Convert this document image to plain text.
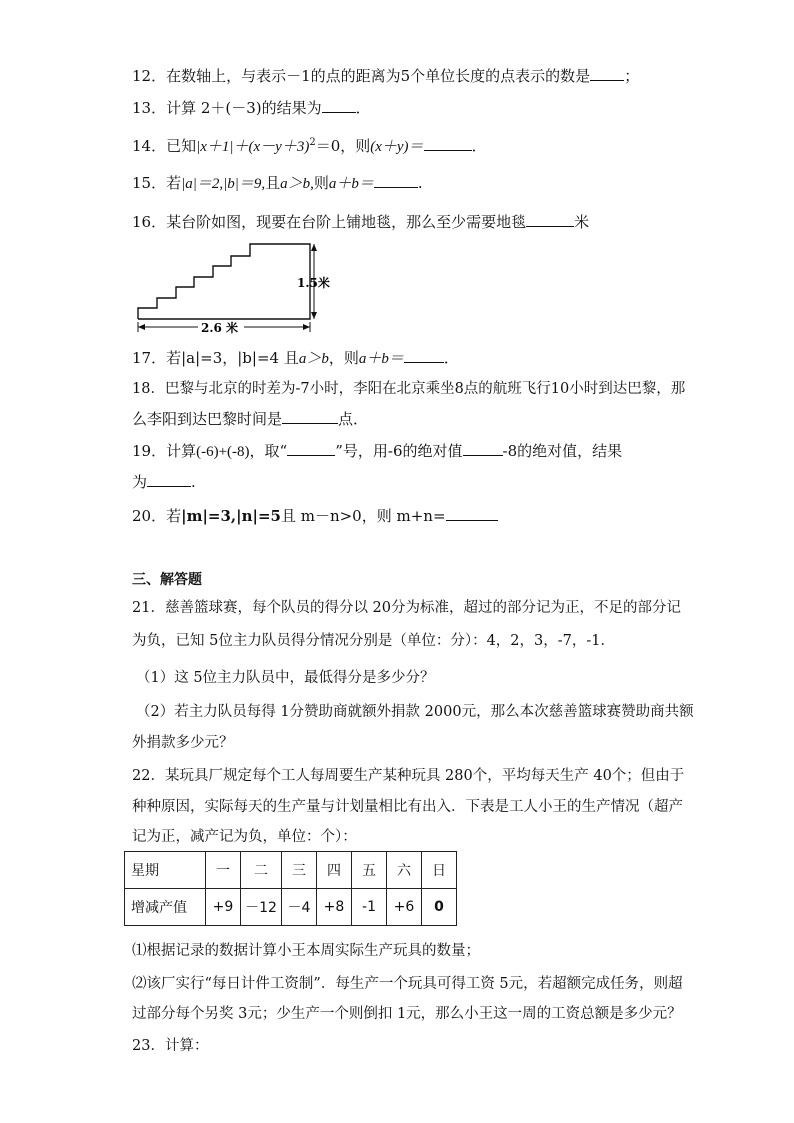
12．在数轴上，与表示－1的点的距离为5个单位长度的点表示的数是 ；
13．计算 2＋(－3)的结果为 ．
14．已知$|x+1|+(x-y+3)^2=0$，则(x＋y)＝	．
15．若|a|＝2,|b|＝9,且a＞b,则a＋b＝	.
16．某台阶如图，现要在台阶上铺地毯，那么至少需要地毯	米
1.5米
2.6 米
17．若|a|=3，|b|=4 且a＞b，则a＋b＝	．
18．巴黎与北京的时差为-7小时，李阳在北京乘坐8点的航班飞行10小时到达巴黎，那
么李阳到达巴黎时间是	点．
19．计算(-6)+(-8)，取“	”号，用-6的绝对值	-8的绝对值，结果
为	.
20．若|m|=3,|n|=5且 m－n>0，则 m+n=
三、解答题
21．慈善篮球赛，每个队员的得分以 20分为标准，超过的部分记为正，不足的部分记
为负，已知 5位主力队员得分情况分别是（单位：分）：4，2，3，-7，-1．
（1）这 5位主力队员中，最低得分是多少分？
（2）若主力队员每得 1分赞助商就额外捐款 2000元，那么本次慈善篮球赛赞助商共额
外捐款多少元？
22．某玩具厂规定每个工人每周要生产某种玩具 280个，平均每天生产 40个；但由于
种种原因，实际每天的生产量与计划量相比有出入．下表是工人小王的生产情况（超产
记为正，减产记为负，单位：个）：
星期	一	二	三	四	五	六	日
增减产值	+9	－12	－4	+8	-1	+6	0
⑴根据记录的数据计算小王本周实际生产玩具的数量；
⑵该厂实行“每日计件工资制”．每生产一个玩具可得工资 5元，若超额完成任务，则超
过部分每个另奖 3元；少生产一个则倒扣 1元，那么小王这一周的工资总额是多少元？
23．计算：
